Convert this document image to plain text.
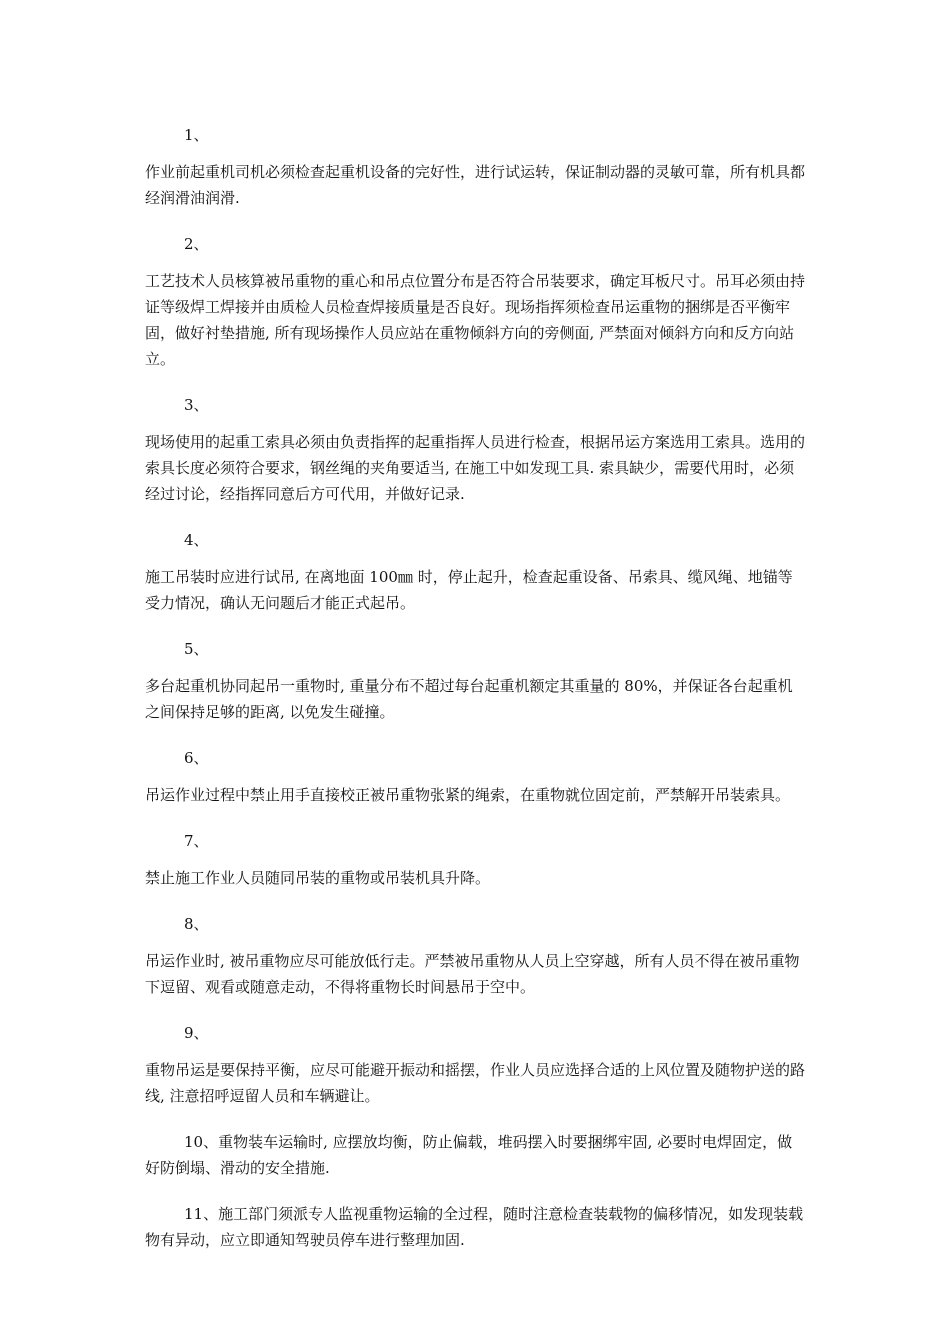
1、
作业前起重机司机必须检查起重机设备的完好性，进行试运转，保证制动器的灵敏可靠，所有机具都经润滑油润滑.
2、
工艺技术人员核算被吊重物的重心和吊点位置分布是否符合吊装要求，确定耳板尺寸。吊耳必须由持证等级焊工焊接并由质检人员检查焊接质量是否良好。现场指挥须检查吊运重物的捆绑是否平衡牢固，做好衬垫措施, 所有现场操作人员应站在重物倾斜方向的旁侧面, 严禁面对倾斜方向和反方向站立。
3、
现场使用的起重工索具必须由负责指挥的起重指挥人员进行检查，根据吊运方案选用工索具。选用的索具长度必须符合要求，钢丝绳的夹角要适当, 在施工中如发现工具. 索具缺少，需要代用时，必须经过讨论，经指挥同意后方可代用，并做好记录.
4、
施工吊装时应进行试吊, 在离地面 100㎜ 时，停止起升，检查起重设备、吊索具、缆风绳、地锚等受力情况，确认无问题后才能正式起吊。
5、
多台起重机协同起吊一重物时, 重量分布不超过每台起重机额定其重量的 80%，并保证各台起重机之间保持足够的距离, 以免发生碰撞。
6、
吊运作业过程中禁止用手直接校正被吊重物张紧的绳索，在重物就位固定前，严禁解开吊装索具。
7、
禁止施工作业人员随同吊装的重物或吊装机具升降。
8、
吊运作业时, 被吊重物应尽可能放低行走。严禁被吊重物从人员上空穿越，所有人员不得在被吊重物下逗留、观看或随意走动，不得将重物长时间悬吊于空中。
9、
重物吊运是要保持平衡，应尽可能避开振动和摇摆，作业人员应选择合适的上风位置及随物护送的路线, 注意招呼逗留人员和车辆避让。
10、重物装车运输时, 应摆放均衡，防止偏载，堆码摆入时要捆绑牢固, 必要时电焊固定，做好防倒塌、滑动的安全措施.
11、施工部门须派专人监视重物运输的全过程，随时注意检查装载物的偏移情况，如发现装载物有异动，应立即通知驾驶员停车进行整理加固.
